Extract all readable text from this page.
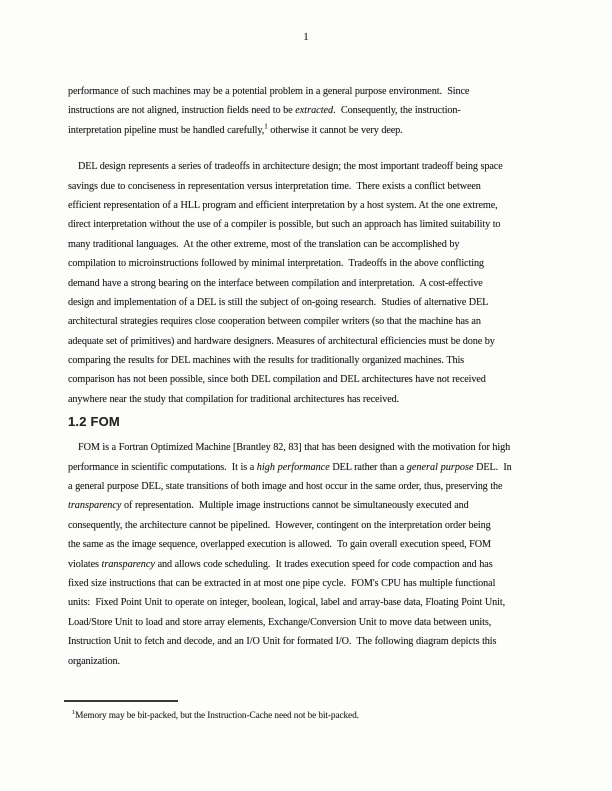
1
performance of such machines may be a potential problem in a general purpose environment.  Since
instructions are not aligned, instruction fields need to be extracted.  Consequently, the instruction-
interpretation pipeline must be handled carefully,$^1$ otherwise it cannot be very deep.
DEL design represents a series of tradeoffs in architecture design; the most important tradeoff being space
savings due to conciseness in representation versus interpretation time.  There exists a conflict between
efficient representation of a HLL program and efficient interpretation by a host system. At the one extreme,
direct interpretation without the use of a compiler is possible, but such an approach has limited suitability to
many traditional languages.  At the other extreme, most of the translation can be accomplished by
compilation to microinstructions followed by minimal interpretation.  Tradeoffs in the above conflicting
demand have a strong bearing on the interface between compilation and interpretation.  A cost-effective
design and implementation of a DEL is still the subject of on-going research.  Studies of alternative DEL
architectural strategies requires close cooperation between compiler writers (so that the machine has an
adequate set of primitives) and hardware designers. Measures of architectural efficiencies must be done by
comparing the results for DEL machines with the results for traditionally organized machines. This
comparison has not been possible, since both DEL compilation and DEL architectures have not received
anywhere near the study that compilation for traditional architectures has received.
1.2 FOM
FOM is a Fortran Optimized Machine [Brantley 82, 83] that has been designed with the motivation for high
performance in scientific computations.  It is a high performance DEL rather than a general purpose DEL.  In
a general purpose DEL, state transitions of both image and host occur in the same order, thus, preserving the
transparency of representation.  Multiple image instructions cannot be simultaneously executed and
consequently, the architecture cannot be pipelined.  However, contingent on the interpretation order being
the same as the image sequence, overlapped execution is allowed.  To gain overall execution speed, FOM
violates transparency and allows code scheduling.  It trades execution speed for code compaction and has
fixed size instructions that can be extracted in at most one pipe cycle.  FOM's CPU has multiple functional
units:  Fixed Point Unit to operate on integer, boolean, logical, label and array-base data, Floating Point Unit,
Load/Store Unit to load and store array elements, Exchange/Conversion Unit to move data between units,
Instruction Unit to fetch and decode, and an I/O Unit for formated I/O.  The following diagram depicts this
organization.
$^1$Memory may be bit-packed, but the Instruction-Cache need not be bit-packed.
